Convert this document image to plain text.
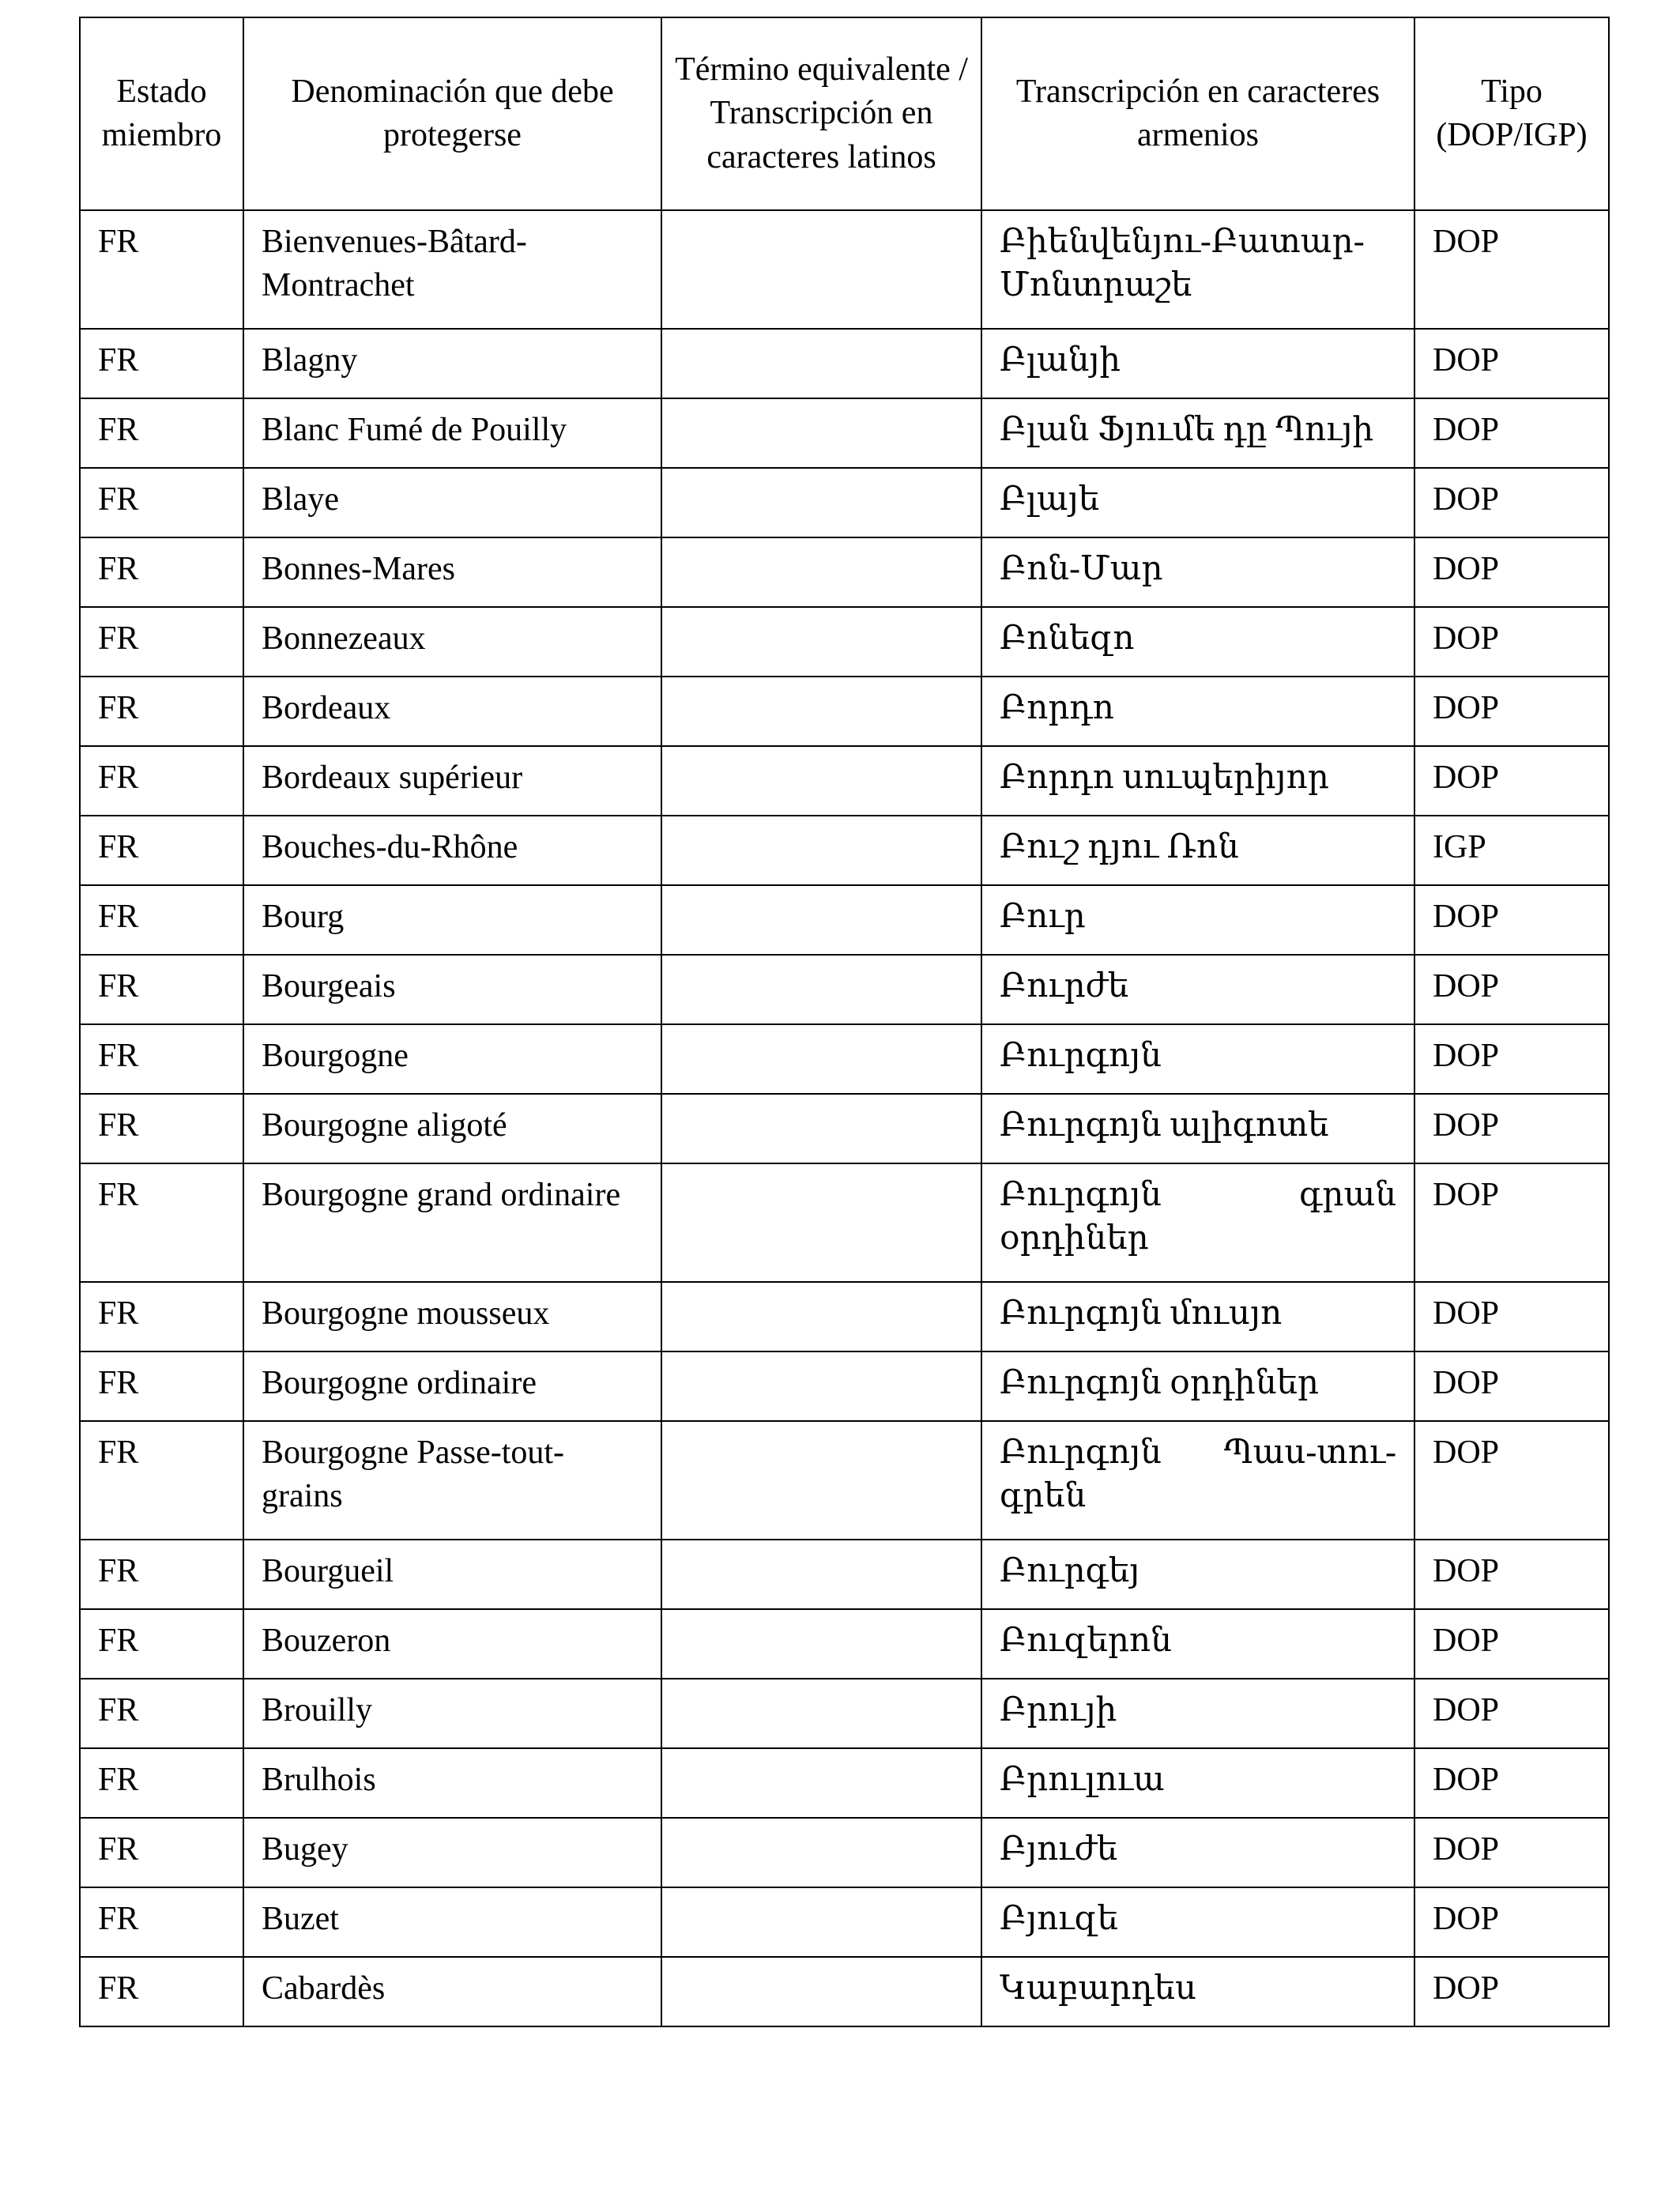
Estado miembro	Denominación que debe protegerse	Término equivalente / Transcripción en caracteres latinos	Transcripción en caracteres armenios	Tipo (DOP/IGP)
FR	Bienvenues-Bâtard-Montrachet		Բիենվենյու-Բատար-Մոնտրաշե	DOP
FR	Blagny		Բլանյի	DOP
FR	Blanc Fumé de Pouilly		Բլան Ֆյումե դը Պույի	DOP
FR	Blaye		Բլայե	DOP
FR	Bonnes-Mares		Բոն-Մար	DOP
FR	Bonnezeaux		Բոնեզո	DOP
FR	Bordeaux		Բորդո	DOP
FR	Bordeaux supérieur		Բորդո սուպերիյոր	DOP
FR	Bouches-du-Rhône		Բուշ դյու Ռոն	IGP
FR	Bourg		Բուր	DOP
FR	Bourgeais		Բուրժե	DOP
FR	Bourgogne		Բուրգոյն	DOP
FR	Bourgogne aligoté		Բուրգոյն ալիգոտե	DOP
FR	Bourgogne grand ordinaire		Բուրգոյն գրան օրդիներ	DOP
FR	Bourgogne mousseux		Բուրգոյն մուսյո	DOP
FR	Bourgogne ordinaire		Բուրգոյն օրդիներ	DOP
FR	Bourgogne Passe-tout-grains		Բուրգոյն Պաս-տու-գրեն	DOP
FR	Bourgueil		Բուրգեյ	DOP
FR	Bouzeron		Բուզերոն	DOP
FR	Brouilly		Բրույի	DOP
FR	Brulhois		Բրուլուա	DOP
FR	Bugey		Բյուժե	DOP
FR	Buzet		Բյուզե	DOP
FR	Cabardès		Կաբարդես	DOP
